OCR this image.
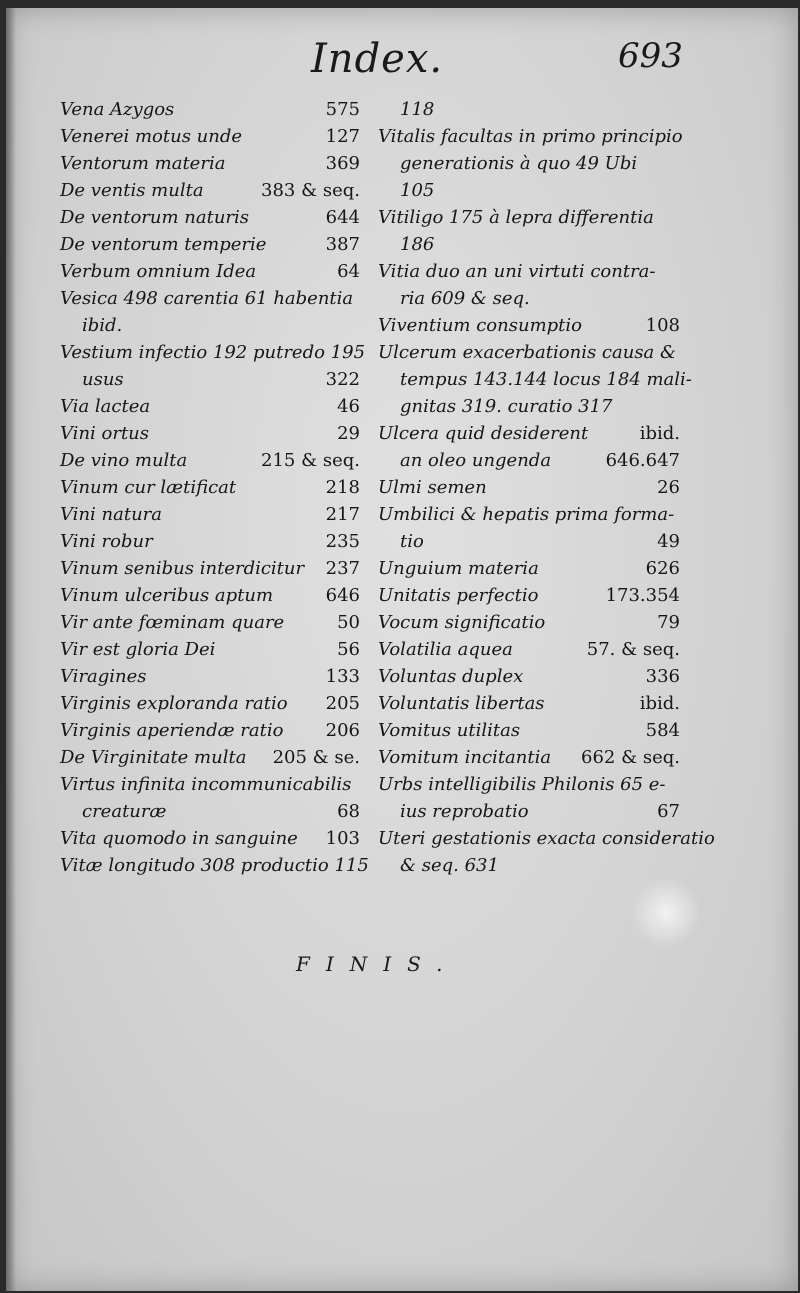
Index.	693
Vena Azygos	575
Venerei motus unde	127
Ventorum materia	369
De ventis multa	383 & seq.
De ventorum naturis	644
De ventorum temperie	387
Verbum omnium Idea	64
Vesica 498 carentia 61 habentia
ibid.
Vestium infectio 192 putredo 195
usus	322
Via lactea	46
Vini ortus	29
De vino multa	215 & seq.
Vinum cur lætificat	218
Vini natura	217
Vini robur	235
Vinum senibus interdicitur	237
Vinum ulceribus aptum	646
Vir ante fœminam quare	50
Vir est gloria Dei	56
Viragines	133
Virginis exploranda ratio	205
Virginis aperiendæ ratio	206
De Virginitate multa	205 & se.
Virtus infinita incommunicabilis
creaturæ	68
Vita quomodo in sanguine	103
Vitæ longitudo 308 productio 115
118
Vitalis facultas in primo principio
generationis à quo 49 Ubi
105
Vitiligo 175 à lepra differentia
186
Vitia duo an uni virtuti contra-
ria 609 & seq.
Viventium consumptio	108
Ulcerum exacerbationis causa &
tempus 143.144 locus 184 mali-
gnitas 319. curatio 317
Ulcera quid desiderent	ibid.
an oleo ungenda	646.647
Ulmi semen	26
Umbilici & hepatis prima forma-
tio	49
Unguium materia	626
Unitatis perfectio	173.354
Vocum significatio	79
Volatilia aquea	57. & seq.
Voluntas duplex	336
Voluntatis libertas	ibid.
Vomitus utilitas	584
Vomitum incitantia	662 & seq.
Urbs intelligibilis Philonis 65 e-
ius reprobatio	67
Uteri gestationis exacta consideratio
& seq. 631
FINIS.
